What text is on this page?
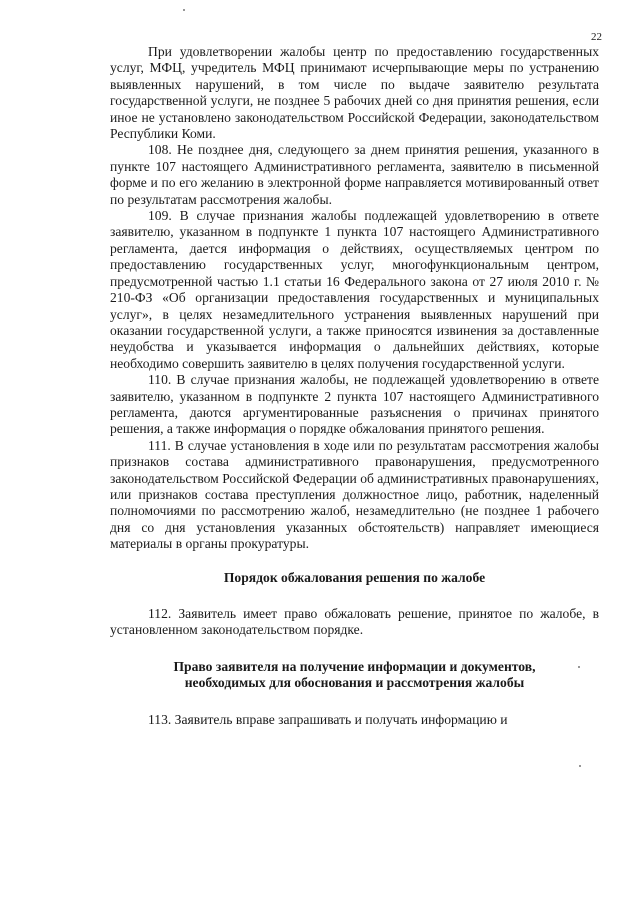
22

При удовлетворении жалобы центр по предоставлению государственных услуг, МФЦ, учредитель МФЦ принимают исчерпывающие меры по устранению выявленных нарушений, в том числе по выдаче заявителю результата государственной услуги, не позднее 5 рабочих дней со дня принятия решения, если иное не установлено законодательством Российской Федерации, законодательством Республики Коми.

108. Не позднее дня, следующего за днем принятия решения, указанного в пункте 107 настоящего Административного регламента, заявителю в письменной форме и по его желанию в электронной форме направляется мотивированный ответ по результатам рассмотрения жалобы.

109. В случае признания жалобы подлежащей удовлетворению в ответе заявителю, указанном в подпункте 1 пункта 107 настоящего Административного регламента, дается информация о действиях, осуществляемых центром по предоставлению государственных услуг, многофункциональным центром, предусмотренной частью 1.1 статьи 16 Федерального закона от 27 июля 2010 г. № 210-ФЗ «Об организации предоставления государственных и муниципальных услуг», в целях незамедлительного устранения выявленных нарушений при оказании государственной услуги, а также приносятся извинения за доставленные неудобства и указывается информация о дальнейших действиях, которые необходимо совершить заявителю в целях получения государственной услуги.

110. В случае признания жалобы, не подлежащей удовлетворению в ответе заявителю, указанном в подпункте 2 пункта 107 настоящего Административного регламента, даются аргументированные разъяснения о причинах принятого решения, а также информация о порядке обжалования принятого решения.

111. В случае установления в ходе или по результатам рассмотрения жалобы признаков состава административного правонарушения, предусмотренного законодательством Российской Федерации об административных правонарушениях, или признаков состава преступления должностное лицо, работник, наделенный полномочиями по рассмотрению жалоб, незамедлительно (не позднее 1 рабочего дня со дня установления указанных обстоятельств) направляет имеющиеся материалы в органы прокуратуры.

Порядок обжалования решения по жалобе

112. Заявитель имеет право обжаловать решение, принятое по жалобе, в установленном законодательством порядке.

Право заявителя на получение информации и документов,
необходимых для обоснования и рассмотрения жалобы

113. Заявитель вправе запрашивать и получать информацию и
